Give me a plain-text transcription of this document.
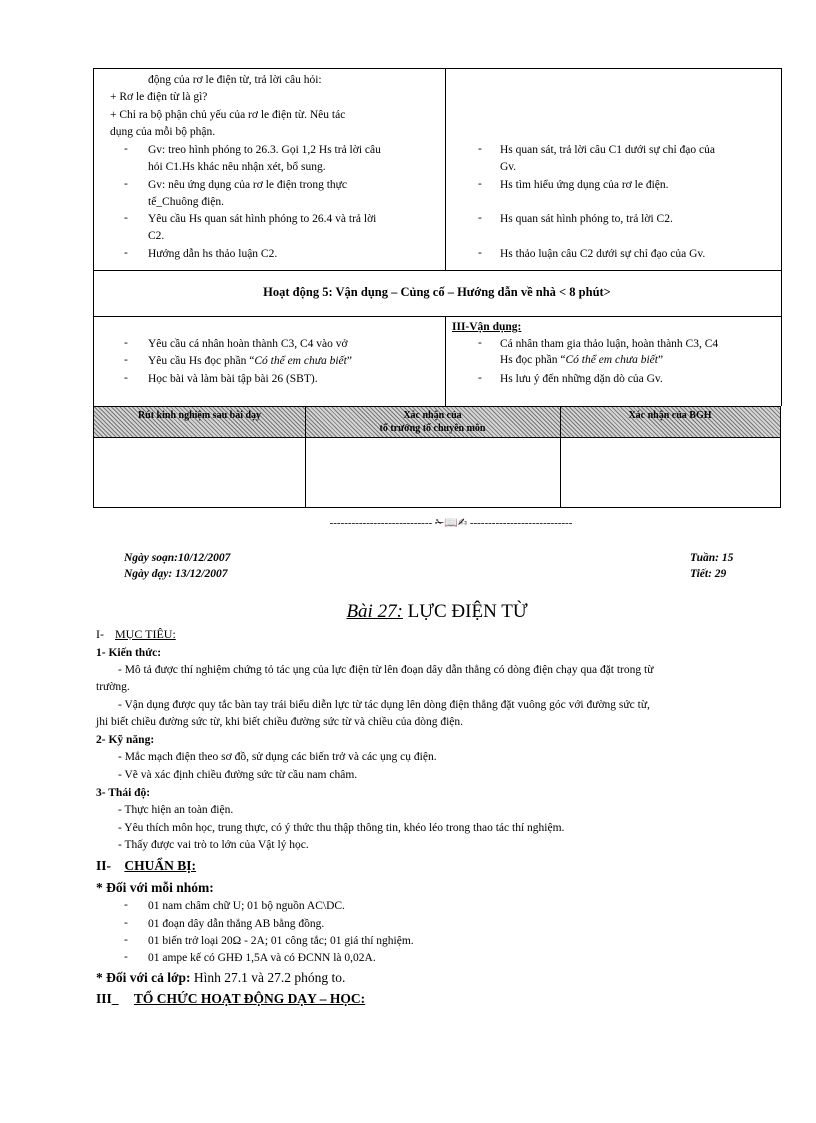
động của rơ le điện từ, trả lời câu hỏi:
+ Rơ le điện từ là gì?
+ Chỉ ra bộ phận chủ yếu của rơ le điện từ. Nêu tác
dụng của mỗi bộ phận.
- Gv: treo hình phóng to 26.3. Gọi 1,2 Hs trả lời câu
hỏi C1.Hs khác nêu nhận xét, bổ sung.
- Gv: nêu ứng dụng của rơ le điện trong thực
tế_Chuông điện.
- Yêu cầu Hs quan sát hình phóng to 26.4 và trả lời
C2.
- Hướng dẫn hs thảo luận C2.
- Hs quan sát, trả lời câu C1 dưới sự chỉ đạo của
Gv.
- Hs tìm hiểu ứng dụng của rơ le điện.
- Hs quan sát hình phóng to, trả lời C2.
- Hs thảo luận câu C2 dưới sự chỉ đạo của Gv.
Hoạt động 5: Vận dụng – Củng cố – Hướng dẫn về nhà < 8 phút>
- Yêu cầu cá nhân hoàn thành C3, C4 vào vở
- Yêu cầu Hs đọc phần “Có thể em chưa biết”
- Học bài và làm bài tập bài 26 (SBT).
III-Vận dụng:
- Cá nhân tham gia thảo luận, hoàn thành C3, C4
Hs đọc phần “Có thể em chưa biết”
- Hs lưu ý đến những dặn dò của Gv.
Rút kinh nghiệm sau bài dạy	Xác nhận của
tổ trưởng tổ chuyên môn
Xác nhận của BGH
---------------------------- ✁📖✍ ----------------------------
Ngày soạn:10/12/2007
Ngày dạy: 13/12/2007
Tuần: 15
Tiết: 29
Bài 27: LỰC ĐIỆN TỪ
I- MỤC TIÊU:
1- Kiến thức:
- Mô tả được thí nghiệm chứng tỏ tác ụng của lực điện từ lên đoạn dây dẫn thẳng có dòng điện chạy qua đặt trong từ
trường.
- Vận dụng được quy tắc bàn tay trái biểu diễn lực từ tác dụng lên dòng điện thẳng đặt vuông góc với đường sức từ,
jhi biết chiều đường sức từ, khi biết chiều đường sức từ và chiều của dòng điện.
2- Kỹ năng:
- Mắc mạch điện theo sơ đồ, sử dụng các biến trở và các ụng cụ điện.
- Vẽ và xác định chiều đường sức từ cầu nam châm.
3- Thái độ:
- Thực hiện an toàn điện.
- Yêu thích môn học, trung thực, có ý thức thu thập thông tin, khéo léo trong thao tác thí nghiệm.
- Thấy được vai trò to lớn của Vật lý học.
II- CHUẨN BỊ:
* Đối với mỗi nhóm:
- 01 nam châm chữ U; 01 bộ nguồn AC\DC.
- 01 đoạn dây dẫn thẳng AB bằng đồng.
- 01 biến trở loại 20Ω - 2A; 01 công tắc; 01 giá thí nghiệm.
- 01 ampe kế có GHĐ 1,5A và có ĐCNN là 0,02A.
* Đối với cả lớp: Hình 27.1 và 27.2 phóng to.
III_ TỔ CHỨC HOẠT ĐỘNG DẠY – HỌC:
